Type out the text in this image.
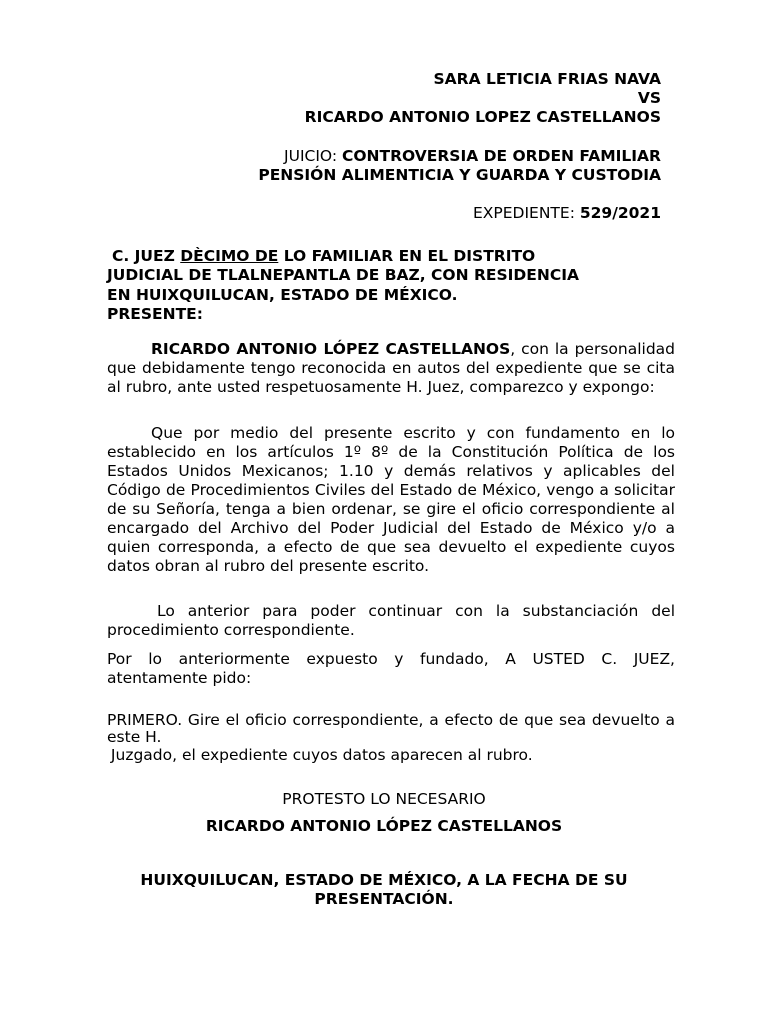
SARA LETICIA FRIAS NAVA
VS
RICARDO ANTONIO LOPEZ CASTELLANOS
JUICIO: CONTROVERSIA DE ORDEN FAMILIAR
PENSIÓN ALIMENTICIA Y GUARDA Y CUSTODIA
EXPEDIENTE: 529/2021
C. JUEZ DÈCIMO DE LO FAMILIAR EN EL DISTRITO
JUDICIAL DE TLALNEPANTLA DE BAZ, CON RESIDENCIA
EN HUIXQUILUCAN, ESTADO DE MÉXICO.
PRESENTE:
RICARDO ANTONIO LÓPEZ CASTELLANOS, con la personalidad que debidamente tengo reconocida en autos del expediente que se cita al rubro, ante usted respetuosamente H. Juez, comparezco y expongo:
Que por medio del presente escrito y con fundamento en lo establecido en los artículos 1º 8º de la Constitución Política de los Estados Unidos Mexicanos; 1.10 y demás relativos y aplicables del Código de Procedimientos Civiles del Estado de México, vengo a solicitar de su Señoría, tenga a bien ordenar, se gire el oficio correspondiente al encargado del Archivo del Poder Judicial del Estado de México y/o a quien corresponda, a efecto de que sea devuelto el expediente cuyos datos obran al rubro del presente escrito.
Lo anterior para poder continuar con la substanciación del procedimiento correspondiente.
Por lo anteriormente expuesto y fundado, A USTED C. JUEZ, atentamente pido:
PRIMERO. Gire el oficio correspondiente, a efecto de que sea devuelto a este H.
Juzgado, el expediente cuyos datos aparecen al rubro.
PROTESTO LO NECESARIO
RICARDO ANTONIO LÓPEZ CASTELLANOS
HUIXQUILUCAN, ESTADO DE MÉXICO, A LA FECHA DE SU
PRESENTACIÓN.
